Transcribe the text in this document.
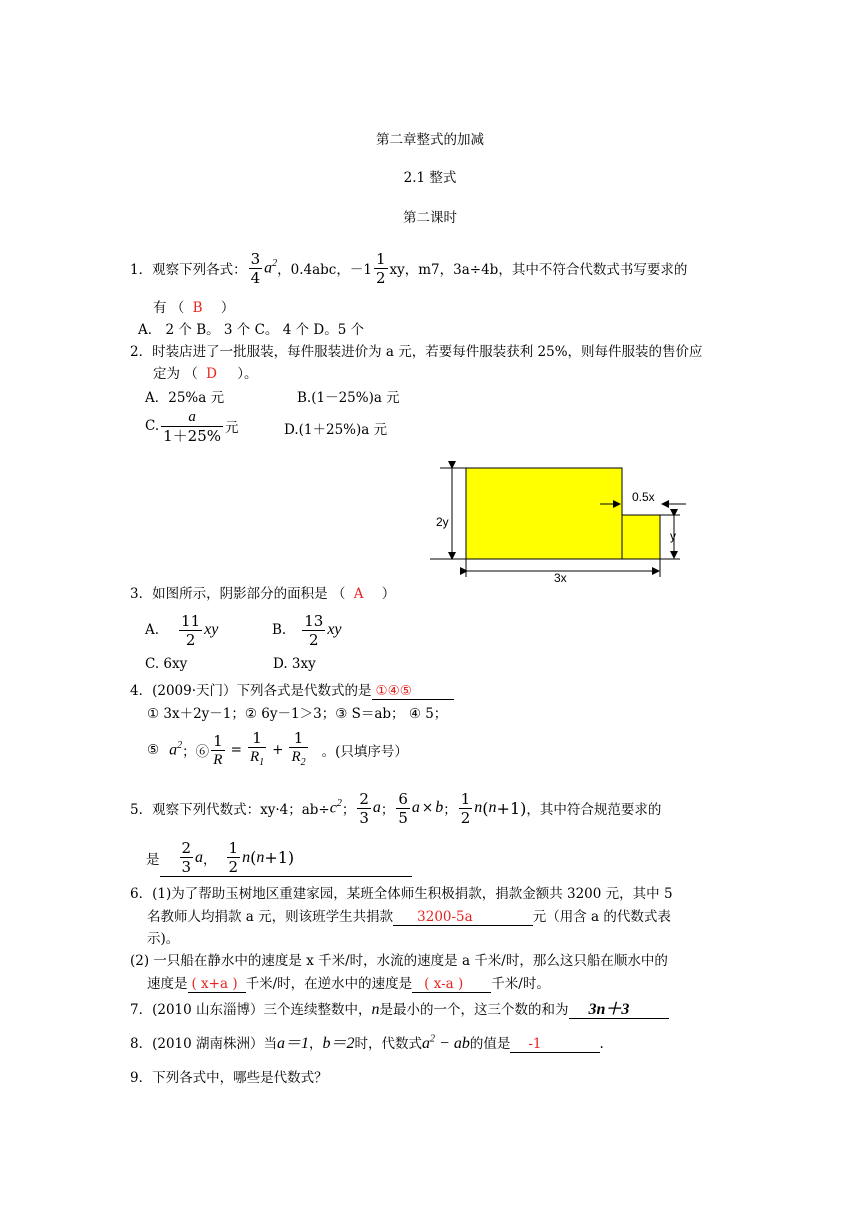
第二章整式的加减
2.1 整式
第二课时
1．观察下列各式：
3
4
$a^2$ ，0.4abc， －1
1
2 xy，m7，3a÷4b，其中不符合代数式书写要求的
有 （ B ）
A． 2 个 B。 3 个 C。 4 个 D。5 个
2．时装店进了一批服装，每件服装进价为 a 元，若要每件服装获利 25%，则每件服装的售价应
定为 （ D ）。
A．25%a 元	B.(1－25%)a 元
C.
a
1＋25% 元	D.(1＋25%)a 元
2y
y
3x
0.5x
3．如图所示，阴影部分的面积是 （ A ）
A.
11
2
xy	B.
13
2
xy
C. 6xy	D. 3xy
4．(2009·天门）下列各式是代数式的是 ①④⑤
① 3x＋2y－1；② 6y－1＞3；③ S＝ab； ④ 5；
⑤ $a^2$ ；⑥ $\frac{1}{R} = \frac{1}{R_1} + \frac{1}{R_2}$ 。(只填序号）
5．观察下列代数式：xy·4；$ab\div c^2$ ；
2
3
a ；
6
5
a × b ；
1
2
n ( n +1) ，其中符合规范要求的
是
2
3
a ，
1
2
n ( n +1)
6．(1)为了帮助玉树地区重建家园，某班全体师生积极捐款，捐款金额共 3200 元，其中 5
名教师人均捐款 a 元，则该班学生共捐款 3200-5a	元（用含 a 的代数式表
示)。
(2) 一只船在静水中的速度是 x 千米/时，水流的速度是 a 千米/时，那么这只船在顺水中的
速度是 ( x+a ) 千米/时，在逆水中的速度是 ( x-a ) 千米/时。
7．(2010 山东淄博）三个连续整数中，n是最小的一个，这三个数的和为 3n＋3
8．(2010 湖南株洲）当a＝1，b＝2时，代数式$a^2$ − ab的值是 -1	.
9．下列各式中，哪些是代数式？
